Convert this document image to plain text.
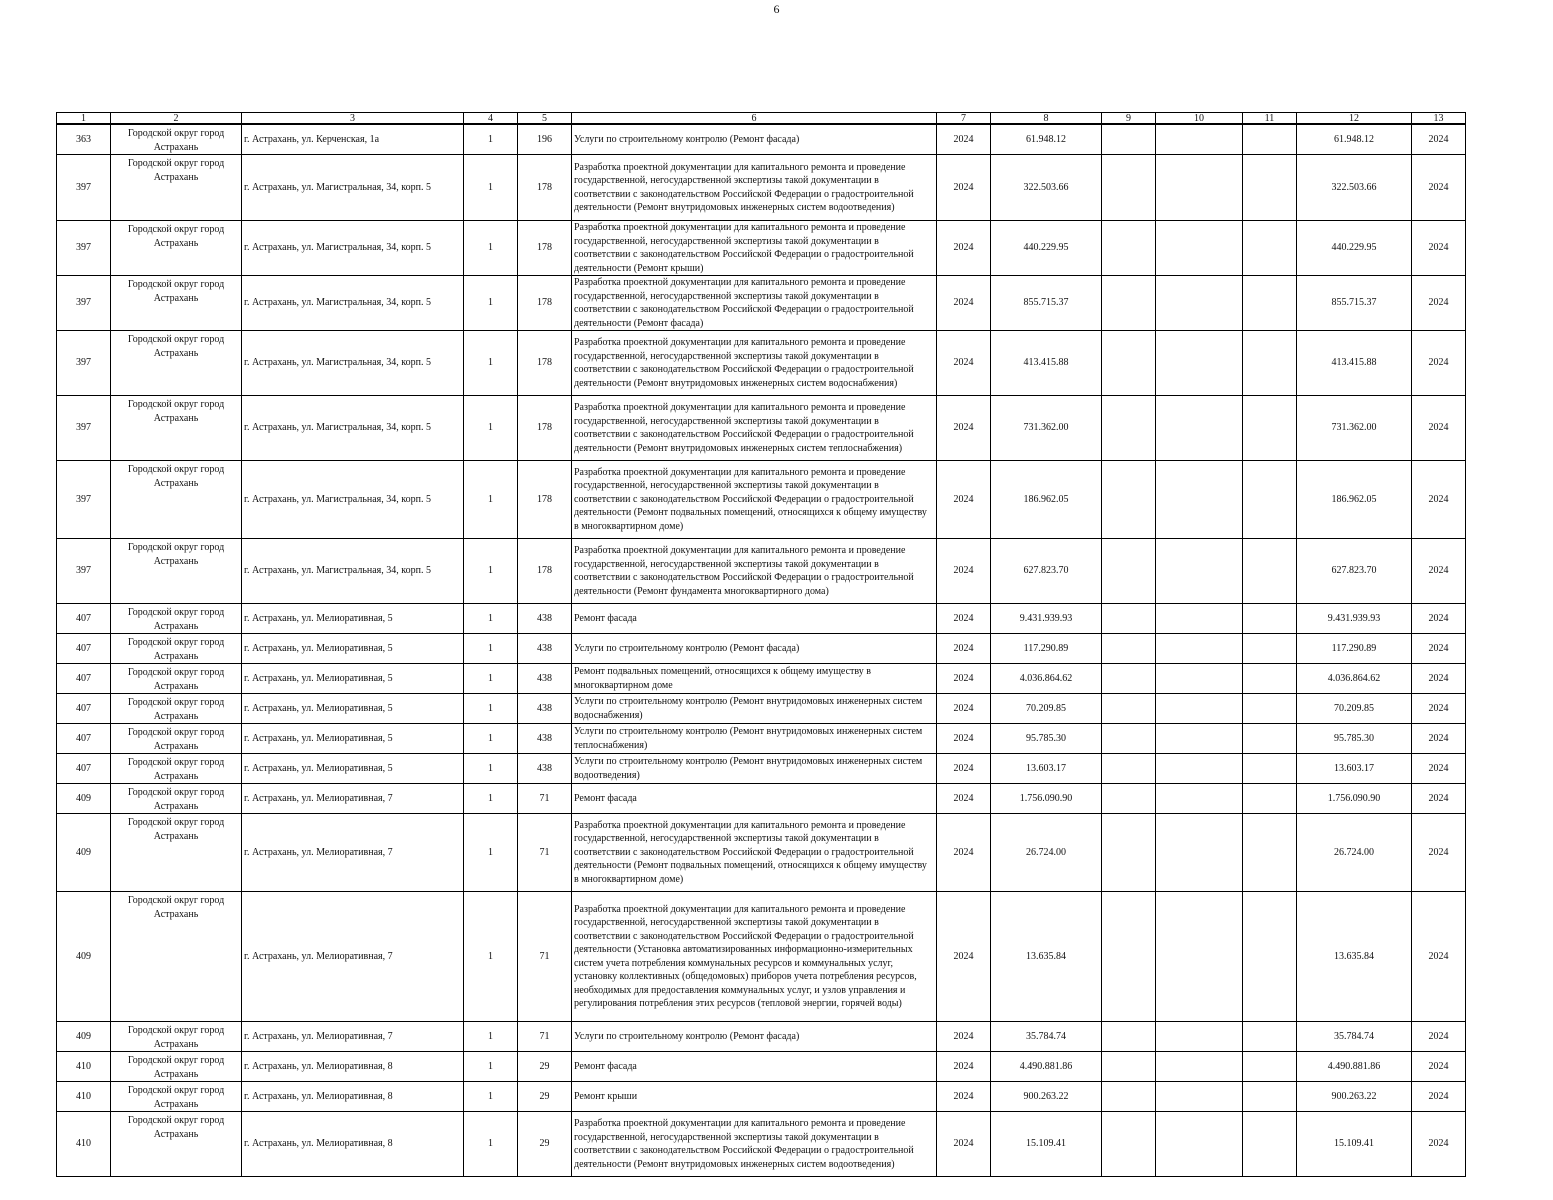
6
1	2	3	4	5	6	7	8	9	10	11	12	13
363	Городской округ город Астрахань	г. Астрахань, ул. Керченская, 1а	1	196	Услуги по строительному контролю (Ремонт фасада)	2024	61.948.12				61.948.12	2024
397	Городской округ город Астрахань	г. Астрахань, ул. Магистральная, 34, корп. 5	1	178	Разработка проектной документации для капитального ремонта и проведение государственной, негосударственной экспертизы такой документации в соответствии с законодательством Российской Федерации о градостроительной деятельности (Ремонт внутридомовых инженерных систем водоотведения)	2024	322.503.66				322.503.66	2024
397	Городской округ город Астрахань	г. Астрахань, ул. Магистральная, 34, корп. 5	1	178	Разработка проектной документации для капитального ремонта и проведение государственной, негосударственной экспертизы такой документации в соответствии с законодательством Российской Федерации о градостроительной деятельности (Ремонт крыши)	2024	440.229.95				440.229.95	2024
397	Городской округ город Астрахань	г. Астрахань, ул. Магистральная, 34, корп. 5	1	178	Разработка проектной документации для капитального ремонта и проведение государственной, негосударственной экспертизы такой документации в соответствии с законодательством Российской Федерации о градостроительной деятельности (Ремонт фасада)	2024	855.715.37				855.715.37	2024
397	Городской округ город Астрахань	г. Астрахань, ул. Магистральная, 34, корп. 5	1	178	Разработка проектной документации для капитального ремонта и проведение государственной, негосударственной экспертизы такой документации в соответствии с законодательством Российской Федерации о градостроительной деятельности (Ремонт внутридомовых инженерных систем водоснабжения)	2024	413.415.88				413.415.88	2024
397	Городской округ город Астрахань	г. Астрахань, ул. Магистральная, 34, корп. 5	1	178	Разработка проектной документации для капитального ремонта и проведение государственной, негосударственной экспертизы такой документации в соответствии с законодательством Российской Федерации о градостроительной деятельности (Ремонт внутридомовых инженерных систем теплоснабжения)	2024	731.362.00				731.362.00	2024
397	Городской округ город Астрахань	г. Астрахань, ул. Магистральная, 34, корп. 5	1	178	Разработка проектной документации для капитального ремонта и проведение государственной, негосударственной экспертизы такой документации в соответствии с законодательством Российской Федерации о градостроительной деятельности (Ремонт подвальных помещений, относящихся к общему имуществу в многоквартирном доме)	2024	186.962.05				186.962.05	2024
397	Городской округ город Астрахань	г. Астрахань, ул. Магистральная, 34, корп. 5	1	178	Разработка проектной документации для капитального ремонта и проведение государственной, негосударственной экспертизы такой документации в соответствии с законодательством Российской Федерации о градостроительной деятельности (Ремонт фундамента многоквартирного дома)	2024	627.823.70				627.823.70	2024
407	Городской округ город Астрахань	г. Астрахань, ул. Мелиоративная, 5	1	438	Ремонт фасада	2024	9.431.939.93				9.431.939.93	2024
407	Городской округ город Астрахань	г. Астрахань, ул. Мелиоративная, 5	1	438	Услуги по строительному контролю (Ремонт фасада)	2024	117.290.89				117.290.89	2024
407	Городской округ город Астрахань	г. Астрахань, ул. Мелиоративная, 5	1	438	Ремонт подвальных помещений, относящихся к общему имуществу в многоквартирном доме	2024	4.036.864.62				4.036.864.62	2024
407	Городской округ город Астрахань	г. Астрахань, ул. Мелиоративная, 5	1	438	Услуги по строительному контролю (Ремонт внутридомовых инженерных систем водоснабжения)	2024	70.209.85				70.209.85	2024
407	Городской округ город Астрахань	г. Астрахань, ул. Мелиоративная, 5	1	438	Услуги по строительному контролю (Ремонт внутридомовых инженерных систем теплоснабжения)	2024	95.785.30				95.785.30	2024
407	Городской округ город Астрахань	г. Астрахань, ул. Мелиоративная, 5	1	438	Услуги по строительному контролю (Ремонт внутридомовых инженерных систем водоотведения)	2024	13.603.17				13.603.17	2024
409	Городской округ город Астрахань	г. Астрахань, ул. Мелиоративная, 7	1	71	Ремонт фасада	2024	1.756.090.90				1.756.090.90	2024
409	Городской округ город Астрахань	г. Астрахань, ул. Мелиоративная, 7	1	71	Разработка проектной документации для капитального ремонта и проведение государственной, негосударственной экспертизы такой документации в соответствии с законодательством Российской Федерации о градостроительной деятельности (Ремонт подвальных помещений, относящихся к общему имуществу в многоквартирном доме)	2024	26.724.00				26.724.00	2024
409	Городской округ город Астрахань	г. Астрахань, ул. Мелиоративная, 7	1	71	Разработка проектной документации для капитального ремонта и проведение государственной, негосударственной экспертизы такой документации в соответствии с законодательством Российской Федерации о градостроительной деятельности (Установка автоматизированных информационно-измерительных систем учета потребления коммунальных ресурсов и коммунальных услуг, установку коллективных (общедомовых) приборов учета потребления ресурсов, необходимых для предоставления коммунальных услуг, и узлов управления и регулирования потребления этих ресурсов (тепловой энергии, горячей воды)	2024	13.635.84				13.635.84	2024
409	Городской округ город Астрахань	г. Астрахань, ул. Мелиоративная, 7	1	71	Услуги по строительному контролю (Ремонт фасада)	2024	35.784.74				35.784.74	2024
410	Городской округ город Астрахань	г. Астрахань, ул. Мелиоративная, 8	1	29	Ремонт фасада	2024	4.490.881.86				4.490.881.86	2024
410	Городской округ город Астрахань	г. Астрахань, ул. Мелиоративная, 8	1	29	Ремонт крыши	2024	900.263.22				900.263.22	2024
410	Городской округ город Астрахань	г. Астрахань, ул. Мелиоративная, 8	1	29	Разработка проектной документации для капитального ремонта и проведение государственной, негосударственной экспертизы такой документации в соответствии с законодательством Российской Федерации о градостроительной деятельности (Ремонт внутридомовых инженерных систем водоотведения)	2024	15.109.41				15.109.41	2024
